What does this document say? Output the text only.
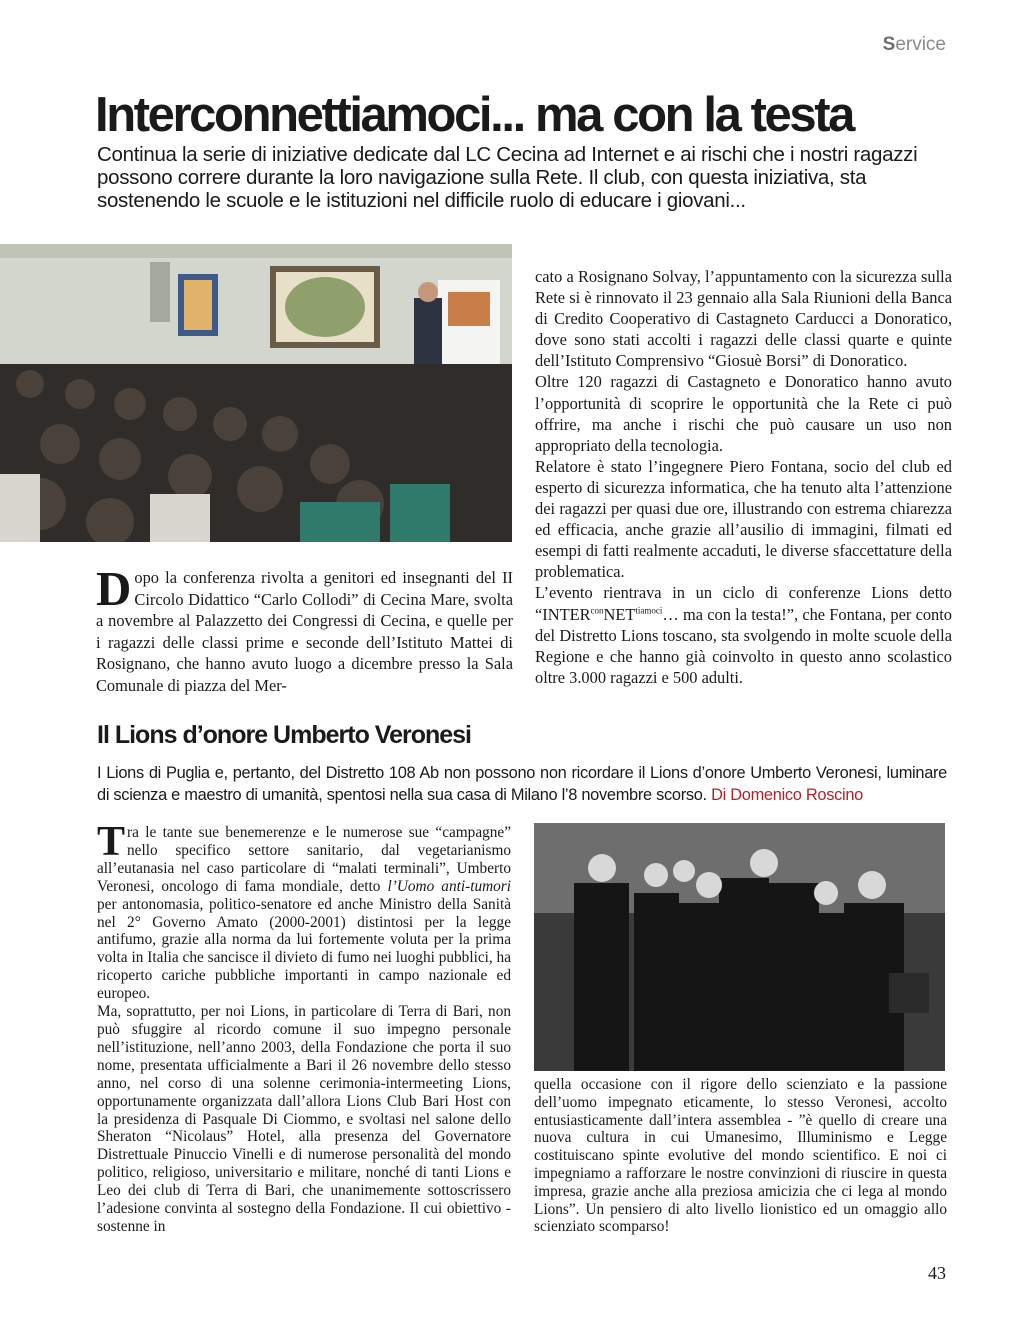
Service
Interconnettiamoci... ma con la testa
Continua la serie di iniziative dedicate dal LC Cecina ad Internet e ai rischi che i nostri ragazzi possono correre durante la loro navigazione sulla Rete. Il club, con questa iniziativa, sta sostenendo le scuole e le istituzioni nel difficile ruolo di educare i giovani...

cato a Rosignano Solvay, l’appuntamento con la sicurezza sulla Rete si è rinnovato il 23 gennaio alla Sala Riunioni della Banca di Credito Cooperativo di Castagneto Carducci a Donoratico, dove sono stati accolti i ragazzi delle classi quarte e quinte dell’Istituto Comprensivo “Giosuè Borsi” di Donoratico.

Oltre 120 ragazzi di Castagneto e Donoratico hanno avuto l’opportunità di scoprire le opportunità che la Rete ci può offrire, ma anche i rischi che può causare un uso non appropriato della tecnologia.

Relatore è stato l’ingegnere Piero Fontana, socio del club ed esperto di sicurezza informatica, che ha tenuto alta l’attenzione dei ragazzi per quasi due ore, illustrando con estrema chiarezza ed efficacia, anche grazie all’ausilio di immagini, filmati ed esempi di fatti realmente accaduti, le diverse sfaccettature della problematica.

L’evento rientrava in un ciclo di conferenze Lions detto “$INTER^{con}NET^{tiamoci}\dots$ ma con la testa!”, che Fontana, per conto del Distretto Lions toscano, sta svolgendo in molte scuole della Regione e che hanno già coinvolto in questo anno scolastico oltre 3.000 ragazzi e 500 adulti.

Dopo la conferenza rivolta a genitori ed insegnanti del II Circolo Didattico “Carlo Collodi” di Cecina Mare, svolta a novembre al Palazzetto dei Congressi di Cecina, e quelle per i ragazzi delle classi prime e seconde dell’Istituto Mattei di Rosignano, che hanno avuto luogo a dicembre presso la Sala Comunale di piazza del Mer-
Il Lions d’onore Umberto Veronesi
I Lions di Puglia e, pertanto, del Distretto 108 Ab non possono non ricordare il Lions d’onore Umberto Veronesi, luminare di scienza e maestro di umanità, spentosi nella sua casa di Milano l’8 novembre scorso. Di Domenico Roscino

Tra le tante sue benemerenze e le numerose sue “campagne” nello specifico settore sanitario, dal vegetarianismo all’eutanasia nel caso particolare di “malati terminali”, Umberto Veronesi, oncologo di fama mondiale, detto l’Uomo anti-tumori per antonomasia, politico-senatore ed anche Ministro della Sanità nel 2° Governo Amato (2000-2001) distintosi per la legge antifumo, grazie alla norma da lui fortemente voluta per la prima volta in Italia che sancisce il divieto di fumo nei luoghi pubblici, ha ricoperto cariche pubbliche importanti in campo nazionale ed europeo.

Ma, soprattutto, per noi Lions, in particolare di Terra di Bari, non può sfuggire al ricordo comune il suo impegno personale nell’istituzione, nell’anno 2003, della Fondazione che porta il suo nome, presentata ufficialmente a Bari il 26 novembre dello stesso anno, nel corso di una solenne cerimonia-intermeeting Lions, opportunamente organizzata dall’allora Lions Club Bari Host con la presidenza di Pasquale Di Ciommo, e svoltasi nel salone dello Sheraton “Nicolaus” Hotel, alla presenza del Governatore Distrettuale Pinuccio Vinelli e di numerose personalità del mondo politico, religioso, universitario e militare, nonché di tanti Lions e Leo dei club di Terra di Bari, che unanimemente sottoscrissero l’adesione convinta al sostegno della Fondazione. Il cui obiettivo - sostenne in

quella occasione con il rigore dello scienziato e la passione dell’uomo impegnato eticamente, lo stesso Veronesi, accolto entusiasticamente dall’intera assemblea - ”è quello di creare una nuova cultura in cui Umanesimo, Illuminismo e Legge costituiscano spinte evolutive del mondo scientifico. E noi ci impegniamo a rafforzare le nostre convinzioni di riuscire in questa impresa, grazie anche alla preziosa amicizia che ci lega al mondo Lions”. Un pensiero di alto livello lionistico ed un omaggio allo scienziato scomparso!
43
